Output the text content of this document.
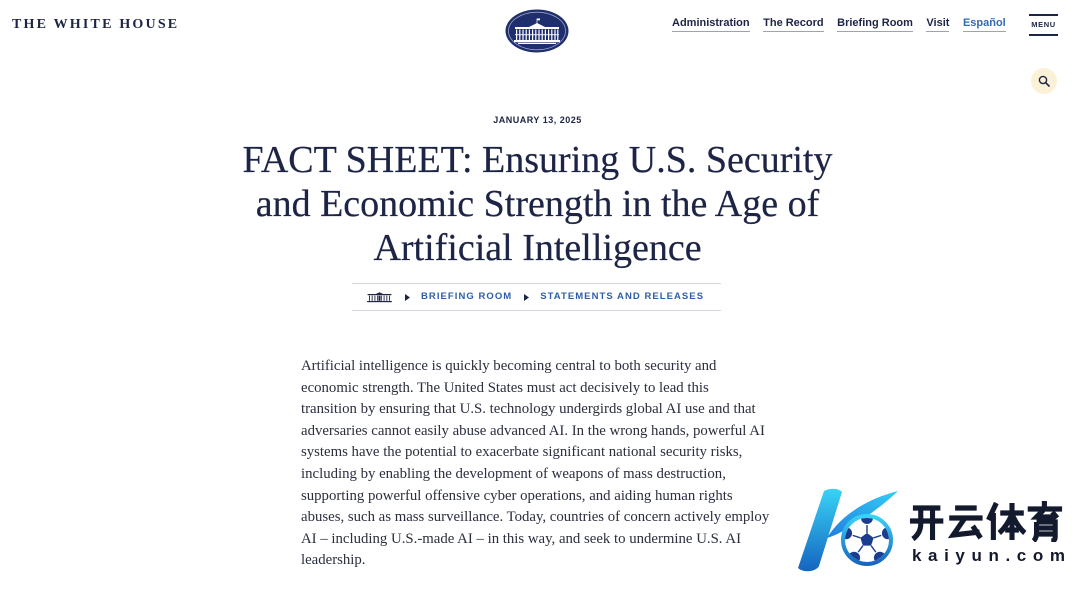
THE WHITE HOUSE	Administration The Record Briefing Room Visit Español	MENU
JANUARY 13, 2025
FACT SHEET: Ensuring U.S. Security and Economic Strength in the Age of Artificial Intelligence
BRIEFING ROOM	STATEMENTS AND RELEASES
Artificial intelligence is quickly becoming central to both security and
economic strength. The United States must act decisively to lead this
transition by ensuring that U.S. technology undergirds global AI use and that
adversaries cannot easily abuse advanced AI. In the wrong hands, powerful AI
systems have the potential to exacerbate significant national security risks,
including by enabling the development of weapons of mass destruction,
supporting powerful offensive cyber operations, and aiding human rights
abuses, such as mass surveillance. Today, countries of concern actively employ
AI – including U.S.-made AI – in this way, and seek to undermine U.S. AI
leadership.	kaiyun.com
